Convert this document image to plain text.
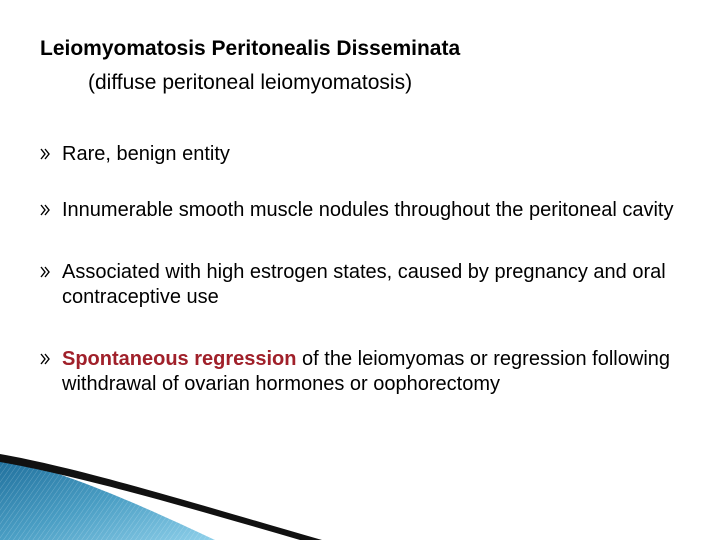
Leiomyomatosis Peritonealis Disseminata
(diffuse peritoneal leiomyomatosis)
Rare, benign entity
Innumerable smooth muscle nodules throughout the peritoneal cavity
Associated with high estrogen states, caused by pregnancy and oral contraceptive use
Spontaneous regression of the leiomyomas or regression following withdrawal of ovarian hormones or oophorectomy
